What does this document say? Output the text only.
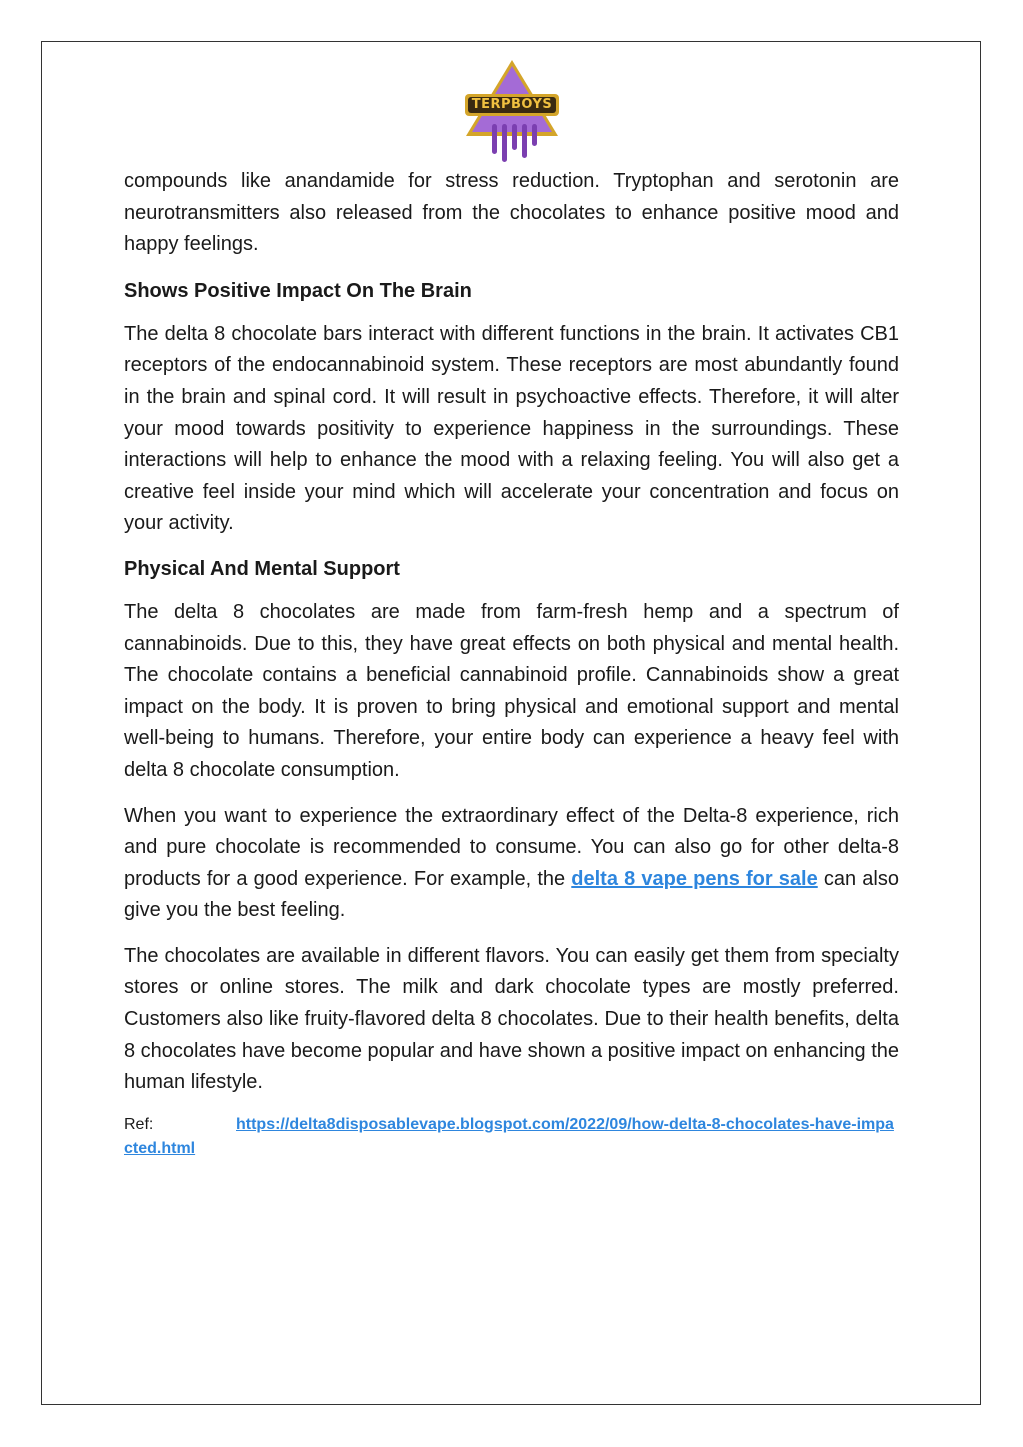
TERPBOYS

compounds like anandamide for stress reduction. Tryptophan and serotonin are neurotransmitters also released from the chocolates to enhance positive mood and happy feelings.

Shows Positive Impact On The Brain

The delta 8 chocolate bars interact with different functions in the brain. It activates CB1 receptors of the endocannabinoid system. These receptors are most abundantly found in the brain and spinal cord. It will result in psychoactive effects. Therefore, it will alter your mood towards positivity to experience happiness in the surroundings. These interactions will help to enhance the mood with a relaxing feeling. You will also get a creative feel inside your mind which will accelerate your concentration and focus on your activity.

Physical And Mental Support

The delta 8 chocolates are made from farm-fresh hemp and a spectrum of cannabinoids. Due to this, they have great effects on both physical and mental health. The chocolate contains a beneficial cannabinoid profile. Cannabinoids show a great impact on the body. It is proven to bring physical and emotional support and mental well-being to humans. Therefore, your entire body can experience a heavy feel with delta 8 chocolate consumption.

When you want to experience the extraordinary effect of the Delta-8 experience, rich and pure chocolate is recommended to consume. You can also go for other delta-8 products for a good experience. For example, the delta 8 vape pens for sale can also give you the best feeling.

The chocolates are available in different flavors. You can easily get them from specialty stores or online stores. The milk and dark chocolate types are mostly preferred. Customers also like fruity-flavored delta 8 chocolates. Due to their health benefits, delta 8 chocolates have become popular and have shown a positive impact on enhancing the human lifestyle.

Ref:	https://delta8disposablevape.blogspot.com/2022/09/how-delta-8-chocolates-have-impacted.html
